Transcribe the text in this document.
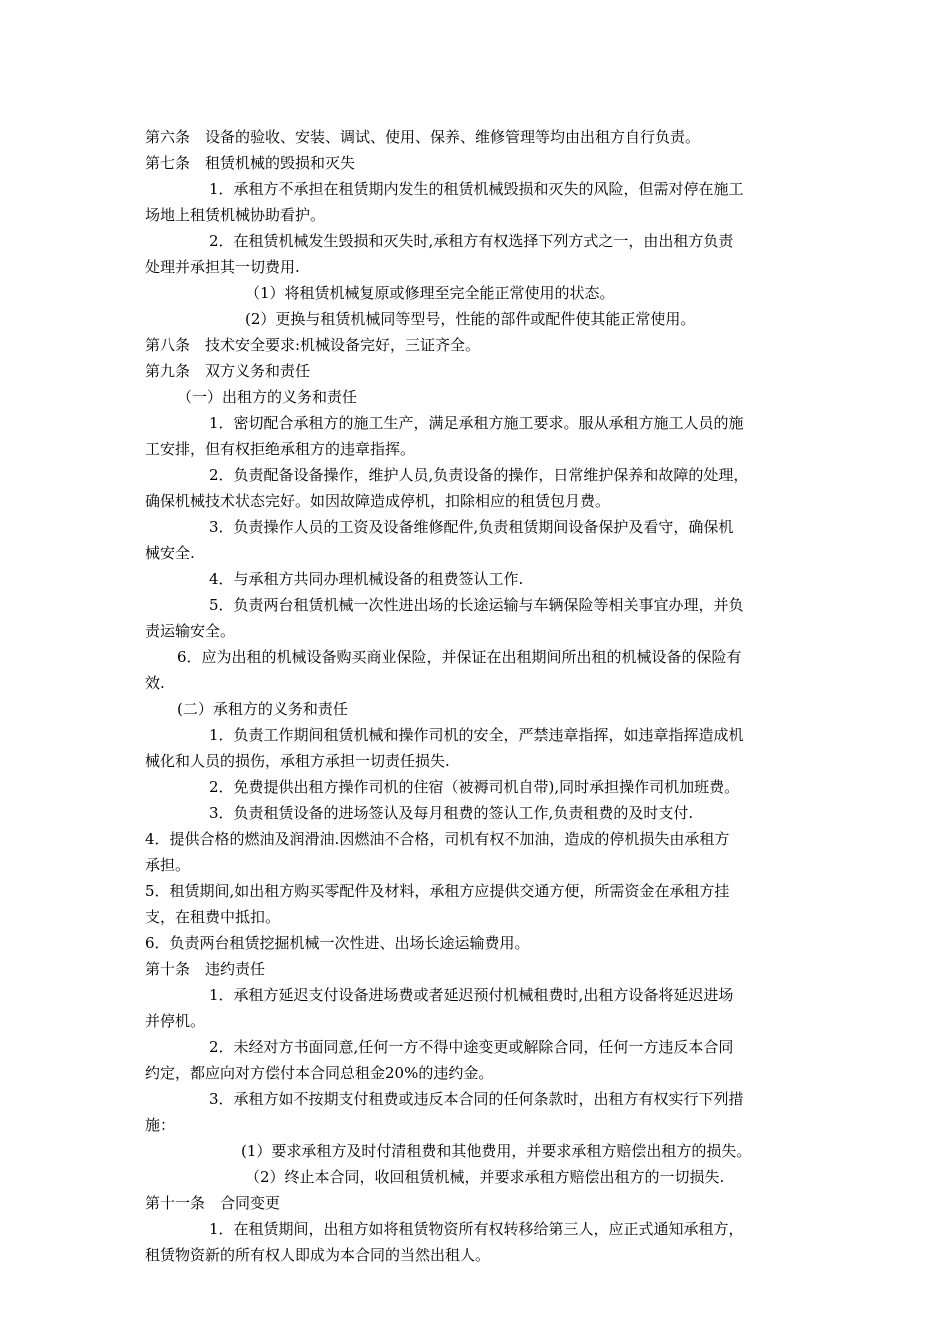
第六条　设备的验收、安装、调试、使用、保养、维修管理等均由出租方自行负责。

第七条　租赁机械的毁损和灭失

1．承租方不承担在租赁期内发生的租赁机械毁损和灭失的风险，但需对停在施工

场地上租赁机械协助看护。

2．在租赁机械发生毁损和灭失时,承租方有权选择下列方式之一，由出租方负责

处理并承担其一切费用.

（1）将租赁机械复原或修理至完全能正常使用的状态。

(2）更换与租赁机械同等型号，性能的部件或配件使其能正常使用。

第八条　技术安全要求:机械设备完好，三证齐全。

第九条　双方义务和责任

（一）出租方的义务和责任

1．密切配合承租方的施工生产，满足承租方施工要求。服从承租方施工人员的施

工安排，但有权拒绝承租方的违章指挥。

2．负责配备设备操作，维护人员,负责设备的操作，日常维护保养和故障的处理，

确保机械技术状态完好。如因故障造成停机，扣除相应的租赁包月费。

3．负责操作人员的工资及设备维修配件,负责租赁期间设备保护及看守，确保机

械安全.

4．与承租方共同办理机械设备的租费签认工作.

5．负责两台租赁机械一次性进出场的长途运输与车辆保险等相关事宜办理，并负

责运输安全。

6．应为出租的机械设备购买商业保险，并保证在出租期间所出租的机械设备的保险有

效.

(二）承租方的义务和责任

1．负责工作期间租赁机械和操作司机的安全，严禁违章指挥，如违章指挥造成机

械化和人员的损伤，承租方承担一切责任损失.

2．免费提供出租方操作司机的住宿（被褥司机自带),同时承担操作司机加班费。

3．负责租赁设备的进场签认及每月租费的签认工作,负责租费的及时支付.

4．提供合格的燃油及润滑油.因燃油不合格，司机有权不加油，造成的停机损失由承租方

承担。

5．租赁期间,如出租方购买零配件及材料，承租方应提供交通方便，所需资金在承租方挂

支，在租费中抵扣。

6．负责两台租赁挖掘机械一次性进、出场长途运输费用。

第十条　违约责任

1．承租方延迟支付设备进场费或者延迟预付机械租费时,出租方设备将延迟进场

并停机。

2．未经对方书面同意,任何一方不得中途变更或解除合同，任何一方违反本合同

约定，都应向对方偿付本合同总租金20%的违约金。

3．承租方如不按期支付租费或违反本合同的任何条款时，出租方有权实行下列措

施：

(1）要求承租方及时付清租费和其他费用，并要求承租方赔偿出租方的损失。

（2）终止本合同，收回租赁机械，并要求承租方赔偿出租方的一切损失.

第十一条　合同变更

1．在租赁期间，出租方如将租赁物资所有权转移给第三人，应正式通知承租方，

租赁物资新的所有权人即成为本合同的当然出租人。
